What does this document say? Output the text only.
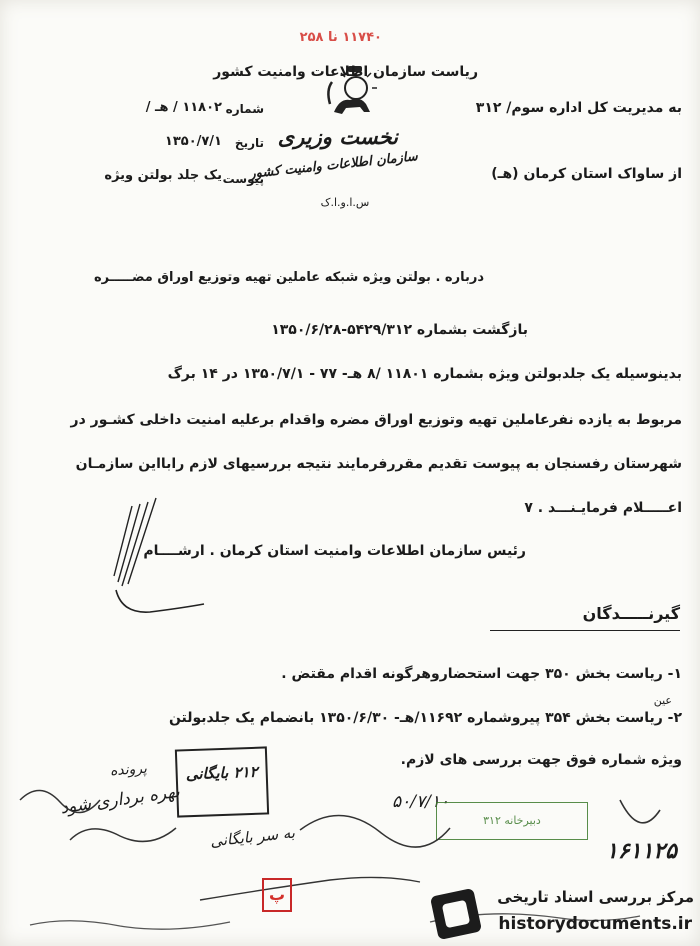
۱۱۷۴۰ نا ۲۵۸
نخست وزیری
سازمان اطلاعات وامنیت کشور
س.ا.و.ا.ک
ریاست سازمان اطلاعات وامنیت کشور
به مدیریت کل اداره سوم/ ۳۱۲
از ساواک استان کرمان (هـ)
شماره
۱۱۸۰۲ / هـ /
تاریخ
۱۳۵۰/۷/۱
پیوست
یک جلد بولتن ویژه
درباره . بولتن ویژه شبکه عاملین تهیه وتوزیع اوراق مضـــــره
بازگشت بشماره ۵۴۲۹/۳۱۲-۱۳۵۰/۶/۲۸
بدینوسیله یک جلدبولتن ویژه بشماره ۱۱۸۰۱ /۸ هـ- ۷۷ - ۱۳۵۰/۷/۱ در ۱۴ برگ
مربوط به یازده نفرعاملین تهیه وتوزیع اوراق مضره واقدام برعلیه امنیت داخلی کشـور در
شهرستان رفسنجان به پیوست تقدیم مقررفرمایند نتیجه بررسیهای لازم رابااین سازمـان
اعـــــلام فرمایـنـــد . ۷
رئیس سازمان اطلاعات وامنیت استان کرمان . ارشــــام
گیرنـــــدگان
۱- ریاست بخش ۳۵۰ جهت استحضاروهرگونه اقدام مقتض .
۲- ریاست بخش ۳۵۴ پیروشماره ۱۱۶۹۲/هـ- ۱۳۵۰/۶/۳۰ بانضمام یک جلدبولتن
عین
ویژه شماره فوق جهت بررسی های لازم.
۲۱۲ بایگانی
۵۰/۷/۱۰
دبیرخانه ۳۱۲
۱۶۱۱۲۵
بهره برداری شود
به سر بایگانی
پرونده
پ	مرکز بررسی اسناد تاریخی
historydocuments.ir
